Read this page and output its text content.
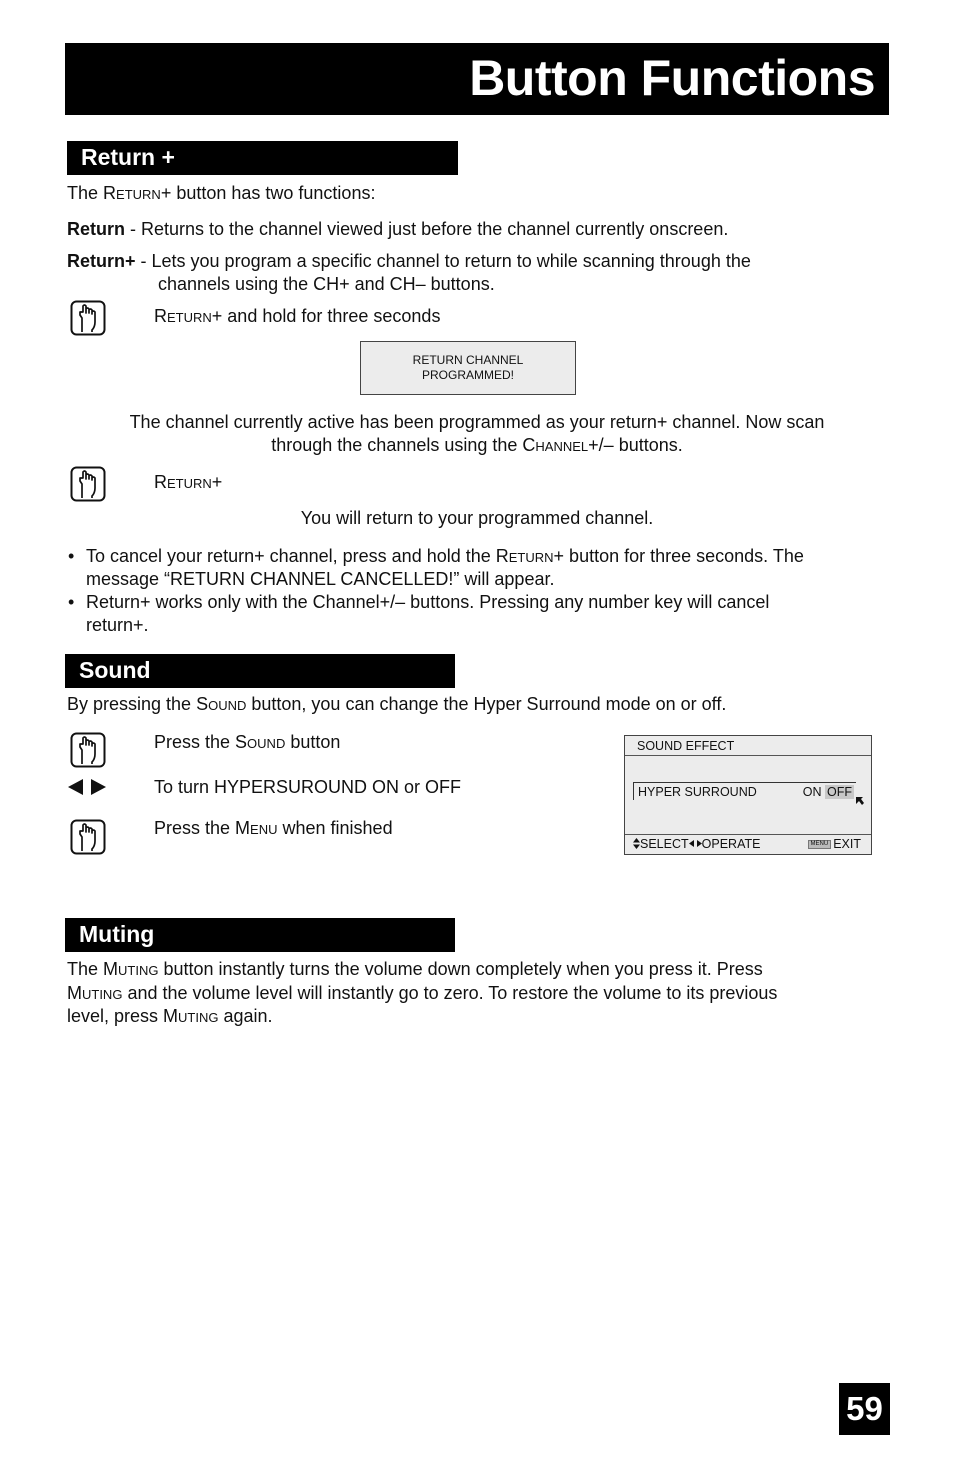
Button Functions
Return +
The Return+ button has two functions:
Return - Returns to the channel viewed just before the channel currently onscreen.
Return+ - Lets you program a specific channel to return to while scanning through the
channels using the CH+ and CH– buttons.
Return+ and hold for three seconds
RETURN CHANNEL
PROGRAMMED!
The channel currently active has been programmed as your return+ channel. Now scan
through the channels using the Channel+/– buttons.
Return+
You will return to your programmed channel.
• To cancel your return+ channel, press and hold the Return+ button for three seconds. The
message “RETURN CHANNEL CANCELLED!” will appear.
• Return+ works only with the Channel+/– buttons. Pressing any number key will cancel
return+.
Sound
By pressing the Sound button, you can change the Hyper Surround mode on or off.
Press the Sound button
To turn HYPERSUROUND ON or OFF
Press the Menu when finished
SOUND EFFECT
HYPER SURROUND	ON OFF
SELECT OPERATE	MENU EXIT
Muting
The Muting button instantly turns the volume down completely when you press it. Press
Muting and the volume level will instantly go to zero. To restore the volume to its previous
level, press Muting again.
59
